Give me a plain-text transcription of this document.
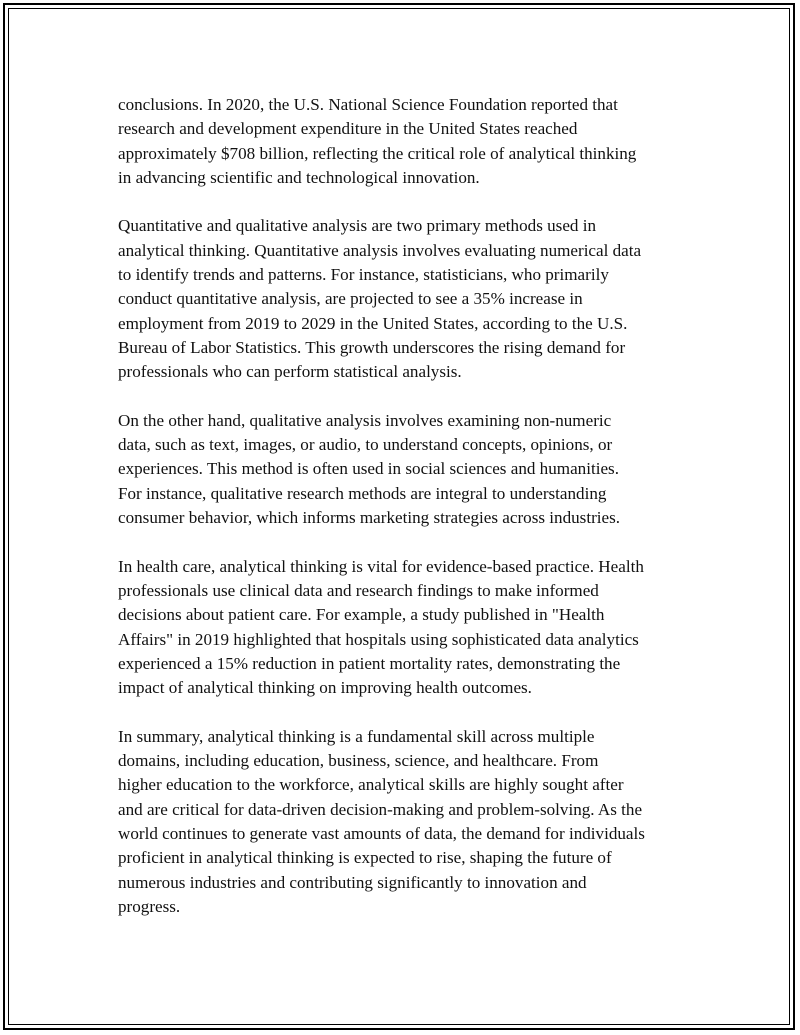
conclusions. In 2020, the U.S. National Science Foundation reported that
research and development expenditure in the United States reached
approximately $708 billion, reflecting the critical role of analytical thinking
in advancing scientific and technological innovation.

Quantitative and qualitative analysis are two primary methods used in
analytical thinking. Quantitative analysis involves evaluating numerical data
to identify trends and patterns. For instance, statisticians, who primarily
conduct quantitative analysis, are projected to see a 35% increase in
employment from 2019 to 2029 in the United States, according to the U.S.
Bureau of Labor Statistics. This growth underscores the rising demand for
professionals who can perform statistical analysis.

On the other hand, qualitative analysis involves examining non-numeric
data, such as text, images, or audio, to understand concepts, opinions, or
experiences. This method is often used in social sciences and humanities.
For instance, qualitative research methods are integral to understanding
consumer behavior, which informs marketing strategies across industries.

In health care, analytical thinking is vital for evidence-based practice. Health
professionals use clinical data and research findings to make informed
decisions about patient care. For example, a study published in "Health
Affairs" in 2019 highlighted that hospitals using sophisticated data analytics
experienced a 15% reduction in patient mortality rates, demonstrating the
impact of analytical thinking on improving health outcomes.

In summary, analytical thinking is a fundamental skill across multiple
domains, including education, business, science, and healthcare. From
higher education to the workforce, analytical skills are highly sought after
and are critical for data-driven decision-making and problem-solving. As the
world continues to generate vast amounts of data, the demand for individuals
proficient in analytical thinking is expected to rise, shaping the future of
numerous industries and contributing significantly to innovation and
progress.
